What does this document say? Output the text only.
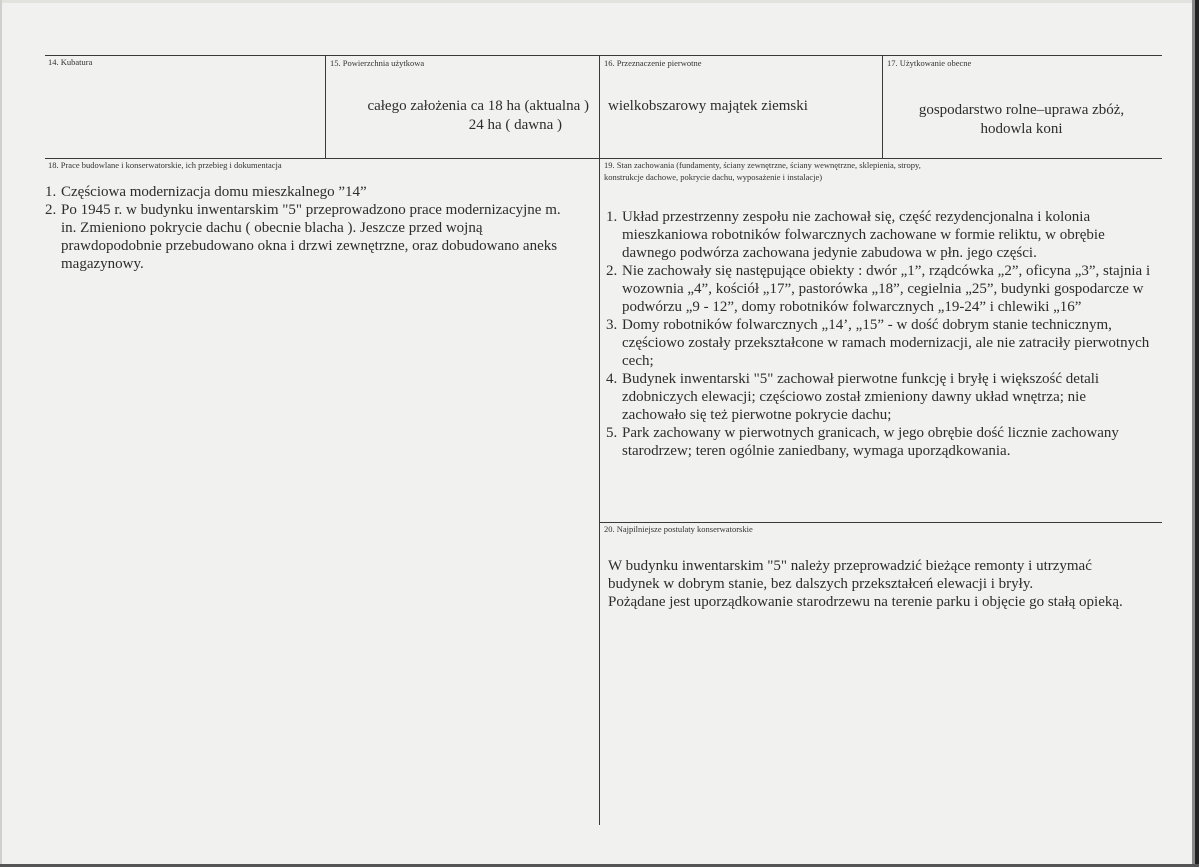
14. Kubatura	15. Powierzchnia użytkowa
całego założenia ca 18 ha (aktualna )
24 ha ( dawna )
16. Przeznaczenie pierwotne
wielkobszarowy majątek ziemski
17. Użytkowanie obecne
gospodarstwo rolne–uprawa zbóż,
hodowla koni
18. Prace budowlane i konserwatorskie, ich przebieg i dokumentacja
1. Częściowa modernizacja domu mieszkalnego ”14”
2. Po 1945 r. w budynku inwentarskim "5" przeprowadzono prace modernizacyjne m. in. Zmieniono pokrycie dachu ( obecnie blacha ). Jeszcze przed wojną prawdopodobnie przebudowano okna i drzwi zewnętrzne, oraz dobudowano aneks magazynowy.
19. Stan zachowania (fundamenty, ściany zewnętrzne, ściany wewnętrzne, sklepienia, stropy,
konstrukcje dachowe, pokrycie dachu, wyposażenie i instalacje)
1. Układ przestrzenny zespołu nie zachował się, część rezydencjonalna i kolonia mieszkaniowa robotników folwarcznych zachowane w formie reliktu, w obrębie dawnego podwórza zachowana jedynie zabudowa w płn. jego części.
2. Nie zachowały się następujące obiekty : dwór „1”, rządcówka „2”, oficyna „3”, stajnia i wozownia „4”, kościół „17”, pastorówka „18”, cegielnia „25”, budynki gospodarcze w podwórzu „9 - 12”, domy robotników folwarcznych „19-24” i chlewiki „16”
3. Domy robotników folwarcznych „14’, „15” - w dość dobrym stanie technicznym, częściowo zostały przekształcone w ramach modernizacji, ale nie zatraciły pierwotnych cech;
4. Budynek inwentarski "5" zachował pierwotne funkcję i bryłę i większość detali zdobniczych elewacji; częściowo został zmieniony dawny układ wnętrza; nie zachowało się też pierwotne pokrycie dachu;
5. Park zachowany w pierwotnych granicach, w jego obrębie dość licznie zachowany starodrzew; teren ogólnie zaniedbany, wymaga uporządkowania.
20. Najpilniejsze postulaty konserwatorskie

W budynku inwentarskim "5" należy przeprowadzić bieżące remonty i utrzymać budynek w dobrym stanie, bez dalszych przekształceń elewacji i bryły.

Pożądane jest uporządkowanie starodrzewu na terenie parku i objęcie go stałą opieką.
